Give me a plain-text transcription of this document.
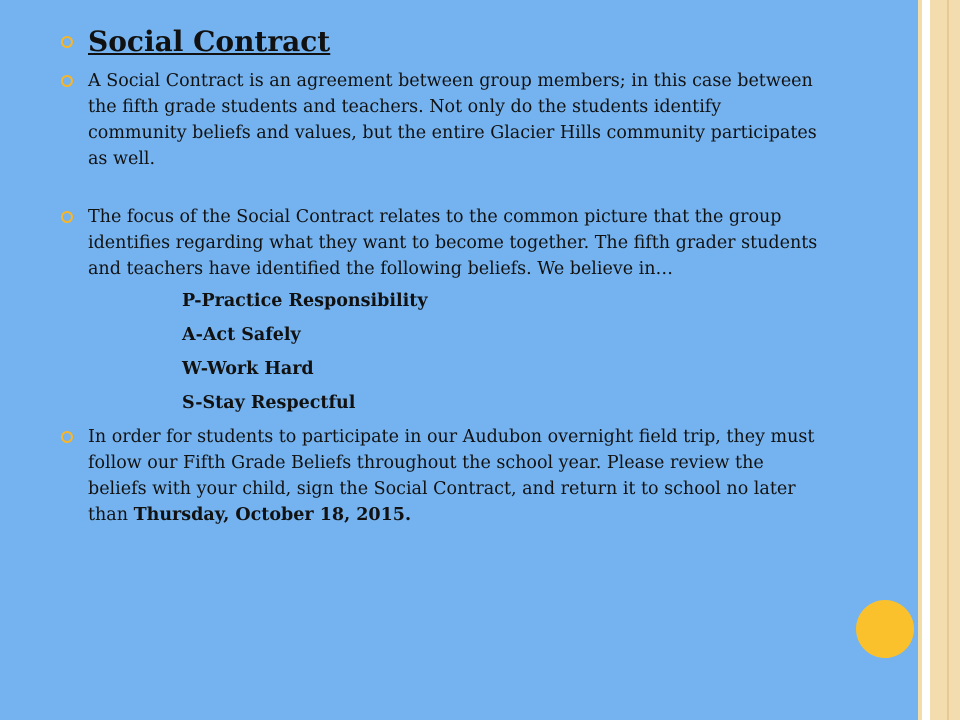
Social Contract

A Social Contract is an agreement between group members; in this case between the fifth grade students and teachers. Not only do the students identify community beliefs and values, but the entire Glacier Hills community participates as well.

The focus of the Social Contract relates to the common picture that the group identifies regarding what they want to become together. The fifth grader students and teachers have identified the following beliefs. We believe in…

P-Practice Responsibility
A-Act Safely
W-Work Hard
S-Stay Respectful

In order for students to participate in our Audubon overnight field trip, they must follow our Fifth Grade Beliefs throughout the school year. Please review the beliefs with your child, sign the Social Contract, and return it to school no later than Thursday, October 18, 2015.
